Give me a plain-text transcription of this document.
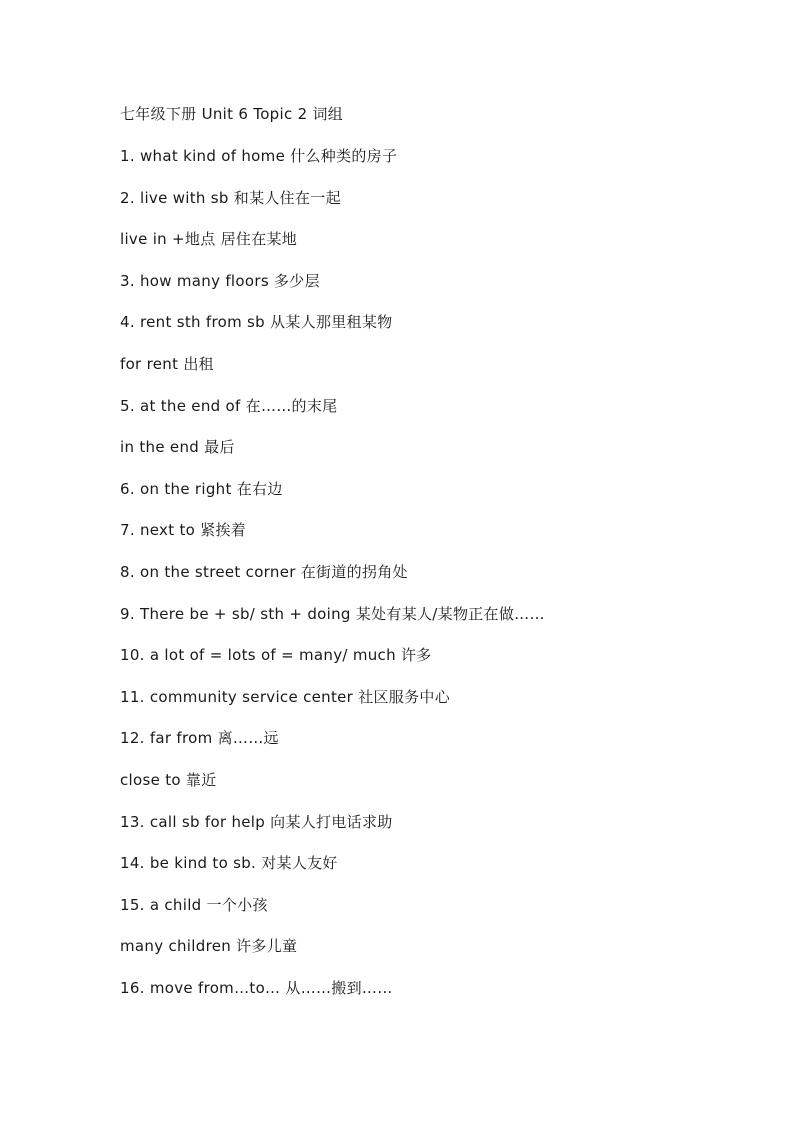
七年级下册 Unit 6 Topic 2 词组

1. what kind of home 什么种类的房子

2. live with sb 和某人住在一起

live in +地点 居住在某地

3. how many floors 多少层

4. rent sth from sb 从某人那里租某物

for rent 出租

5. at the end of 在……的末尾

in the end 最后

6. on the right 在右边

7. next to 紧挨着

8. on the street corner 在街道的拐角处

9. There be + sb/ sth + doing 某处有某人/某物正在做……

10. a lot of = lots of = many/ much 许多

11. community service center 社区服务中心

12. far from 离……远

close to 靠近

13. call sb for help 向某人打电话求助

14. be kind to sb. 对某人友好

15. a child 一个小孩

many children 许多儿童

16. move from…to… 从……搬到……
